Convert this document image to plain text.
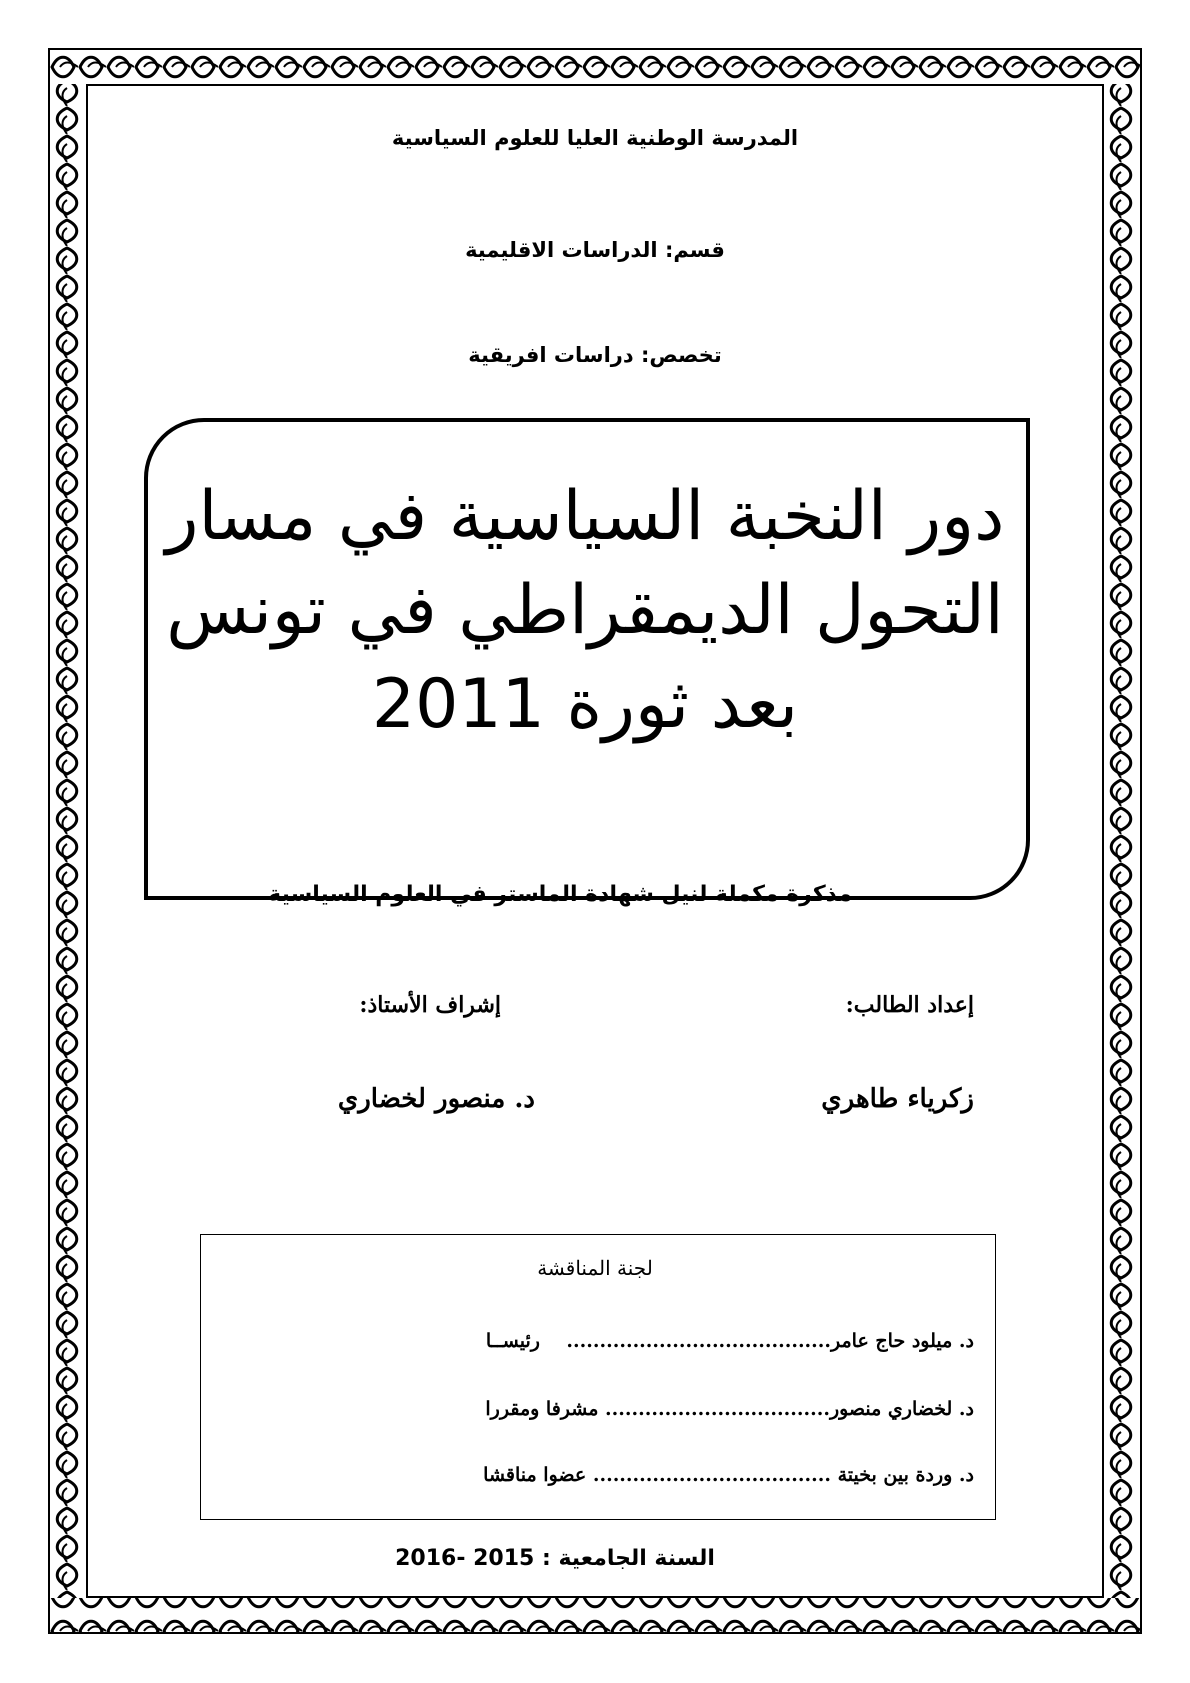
المدرسة الوطنية العليا للعلوم السياسية
قسم: الدراسات الاقليمية
تخصص: دراسات افريقية
دور النخبة السياسية في مسار
التحول الديمقراطي في تونس
بعد ثورة 2011
مذكرة مكملة لنيل شهادة الماستر في العلوم السياسية
إعداد الطالب:
إشراف الأستاذ:
زكرياء طاهري
د. منصور لخضاري
لجنة المناقشة
د. ميلود حاج عامر........................................    رئيســا
د. لخضاري منصور.................................. مشرفا ومقررا
د. وردة بين بخيتة .................................... عضوا مناقشا
السنة الجامعية : 2015 -2016
